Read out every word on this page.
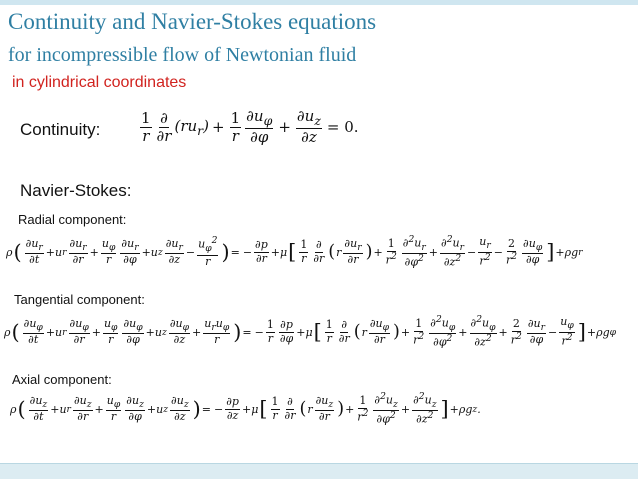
Continuity and Navier-Stokes equations
for incompressible flow of Newtonian fluid
in cylindrical coordinates
Continuity:	$\frac{1}{r} \frac{\partial}{\partial r} (ru_r) + \frac{1}{r} \frac{\partial u_\varphi}{\partial\varphi} + \frac{\partial u_z}{\partial z} = 0$.
Navier-Stokes:
Radial component:
ρ ( $\frac{\partial u_r}{\partial t} + u$ r $\frac{\partial u_r}{\partial r} + \frac{u_\varphi}{r} \frac{\partial u_r}{\partial\varphi} + u$ z $\frac{\partial u_r}{\partial z} - \frac{u_\varphi^2}{r}$ ) = − $\frac{\partial p}{\partial r} + \mu$ [ $\frac{1}{r} \frac{\partial}{\partial r}$ ( r $\frac{\partial u_r}{\partial r}$ ) + $\frac{1}{r^2} \frac{\partial^2u_r}{\partial\varphi^2} + \frac{\partial^2u_r}{\partial z^2} - \frac{u_r}{r^2} - \frac{2}{r^2} \frac{\partial u_\varphi}{\partial\varphi}$ ] + ρg r
Tangential component:
ρ ( $\frac{\partial u_\varphi}{\partial t} + u$ r $\frac{\partial u_\varphi}{\partial r} + \frac{u_\varphi}{r} \frac{\partial u_\varphi}{\partial\varphi} + u$ z $\frac{\partial u_\varphi}{\partial z} + \frac{u_ru_\varphi}{r}$ ) = − $\frac{1}{r} \frac{\partial p}{\partial\varphi} + \mu$ [ $\frac{1}{r} \frac{\partial}{\partial r}$ ( r $\frac{\partial u_\varphi}{\partial r}$ ) + $\frac{1}{r^2} \frac{\partial^2u_\varphi}{\partial\varphi^2} + \frac{\partial^2u_\varphi}{\partial z^2} + \frac{2}{r^2} \frac{\partial u_r}{\partial\varphi} - \frac{u_\varphi}{r^2}$ ] + ρg φ
Axial component:
ρ ( $\frac{\partial u_z}{\partial t} + u$ r $\frac{\partial u_z}{\partial r} + \frac{u_\varphi}{r} \frac{\partial u_z}{\partial\varphi} + u$ z $\frac{\partial u_z}{\partial z}$ ) = − $\frac{\partial p}{\partial z} + \mu$ [ $\frac{1}{r} \frac{\partial}{\partial r}$ ( r $\frac{\partial u_z}{\partial r}$ ) + $\frac{1}{r^2} \frac{\partial^2u_z}{\partial\varphi^2} + \frac{\partial^2u_z}{\partial z^2}$ ] + ρg z .
